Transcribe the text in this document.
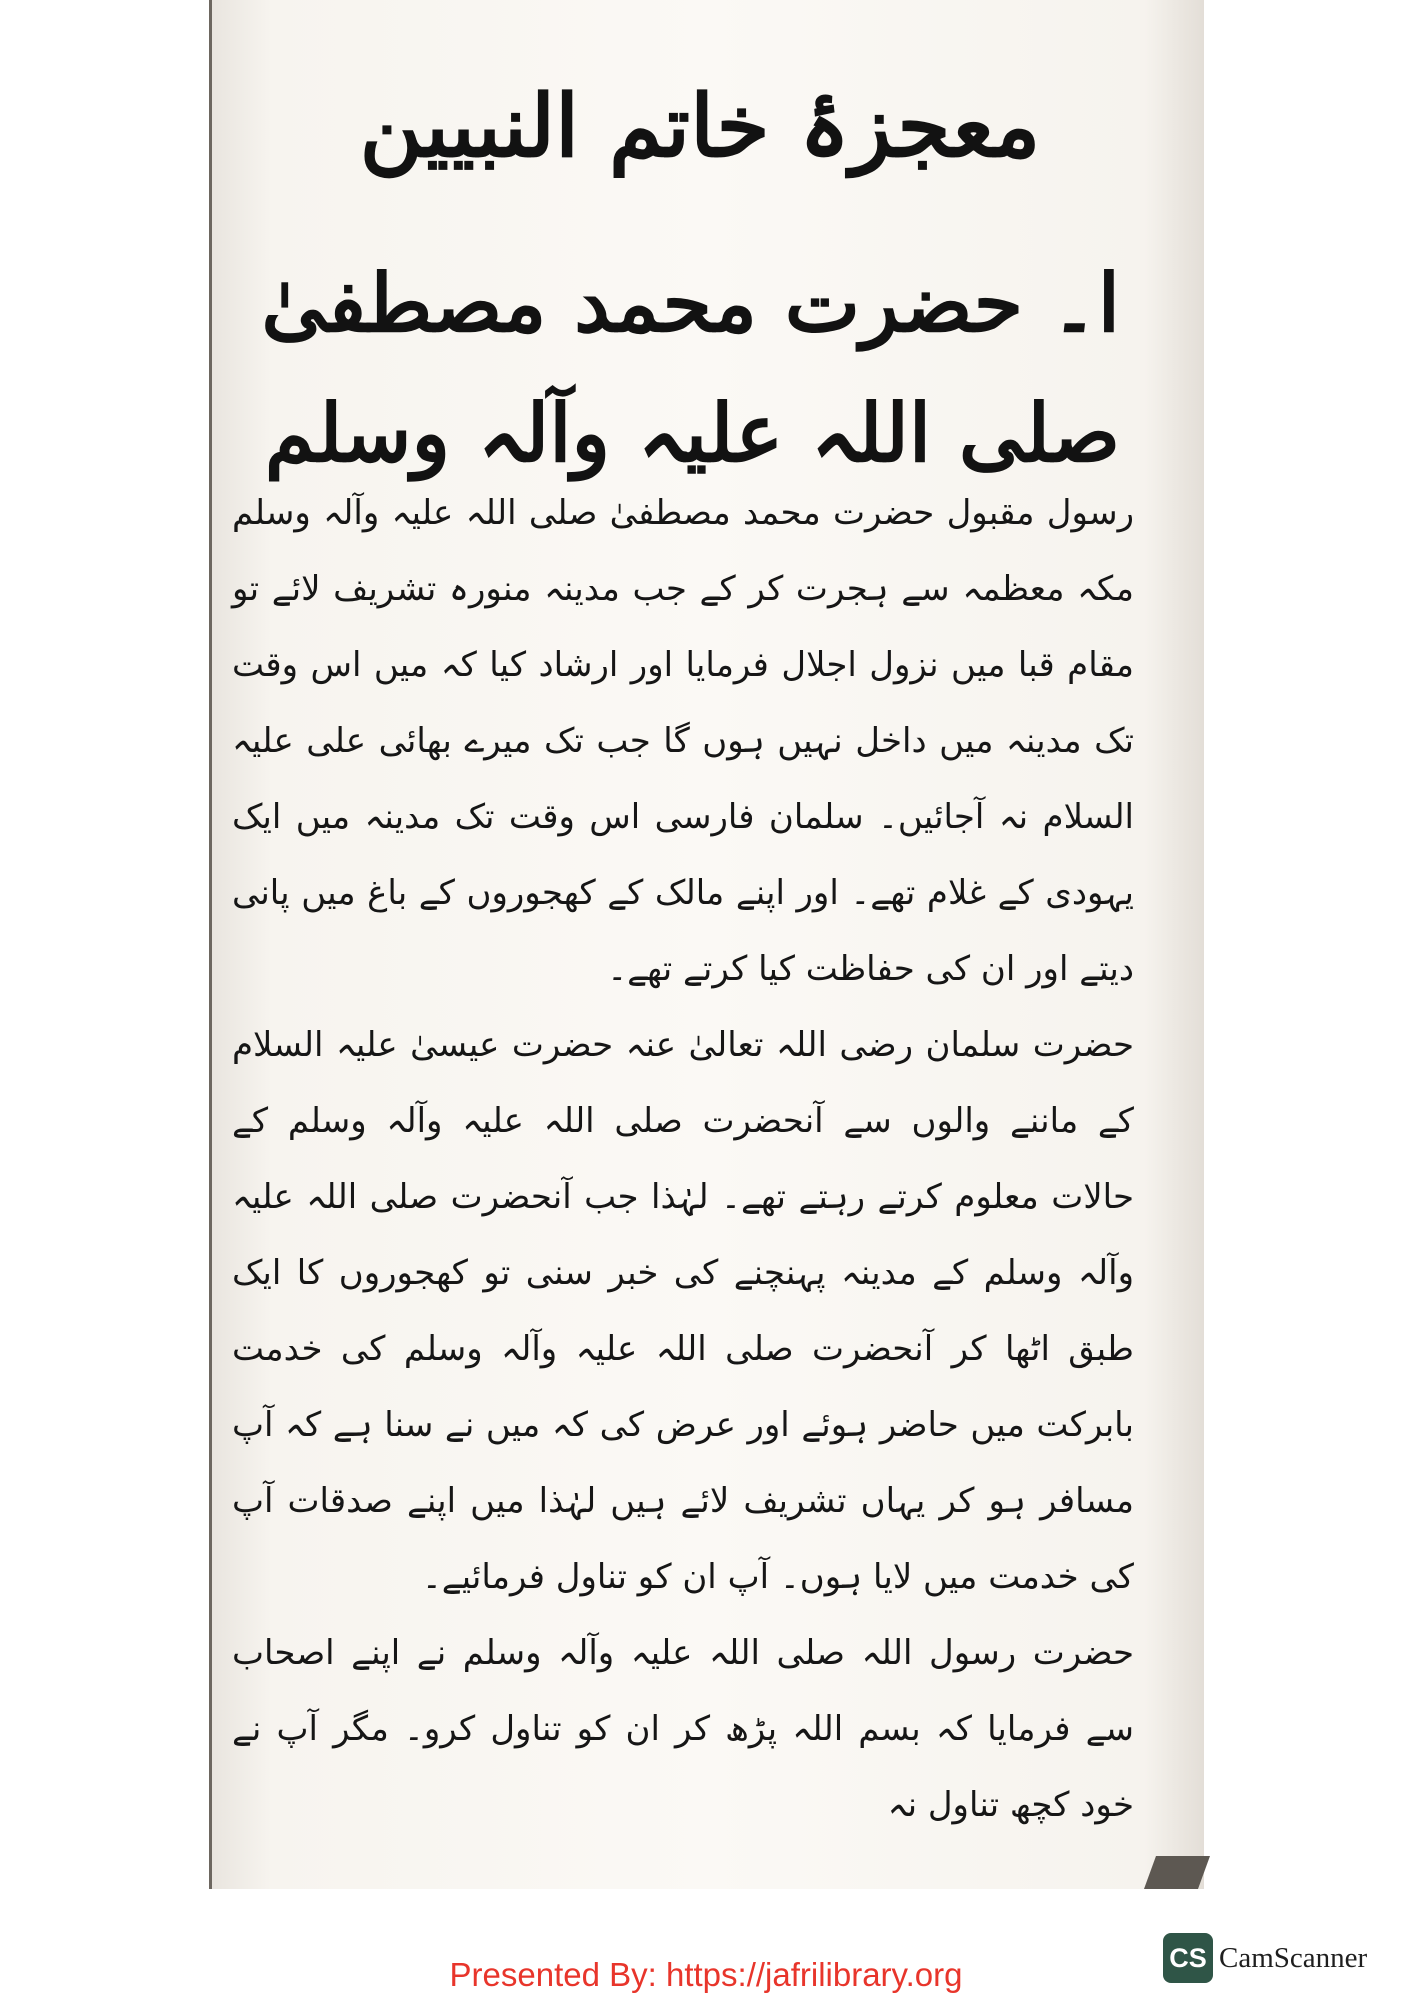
معجزۂ خاتم النبیین
ا۔ حضرت محمد مصطفیٰ صلی اللہ علیہ وآلہ وسلم

رسول مقبول حضرت محمد مصطفیٰ صلی اللہ علیہ وآلہ وسلم مکہ معظمہ سے ہجرت کر کے جب مدینہ منورہ تشریف لائے تو مقام قبا میں نزول اجلال فرمایا اور ارشاد کیا کہ میں اس وقت تک مدینہ میں داخل نہیں ہوں گا جب تک میرے بھائی علی علیہ السلام نہ آجائیں۔ سلمان فارسی اس وقت تک مدینہ میں ایک یہودی کے غلام تھے۔ اور اپنے مالک کے کھجوروں کے باغ میں پانی دیتے اور ان کی حفاظت کیا کرتے تھے۔

حضرت سلمان رضی اللہ تعالیٰ عنہ حضرت عیسیٰ علیہ السلام کے ماننے والوں سے آنحضرت صلی اللہ علیہ وآلہ وسلم کے حالات معلوم کرتے رہتے تھے۔ لہٰذا جب آنحضرت صلی اللہ علیہ وآلہ وسلم کے مدینہ پہنچنے کی خبر سنی تو کھجوروں کا ایک طبق اٹھا کر آنحضرت صلی اللہ علیہ وآلہ وسلم کی خدمت بابرکت میں حاضر ہوئے اور عرض کی کہ میں نے سنا ہے کہ آپ مسافر ہو کر یہاں تشریف لائے ہیں لہٰذا میں اپنے صدقات آپ کی خدمت میں لایا ہوں۔ آپ ان کو تناول فرمائیے۔

حضرت رسول اللہ صلی اللہ علیہ وآلہ وسلم نے اپنے اصحاب سے فرمایا کہ بسم اللہ پڑھ کر ان کو تناول کرو۔ مگر آپ نے خود کچھ تناول نہ

Presented By: https://jafrilibrary.org	CS CamScanner
